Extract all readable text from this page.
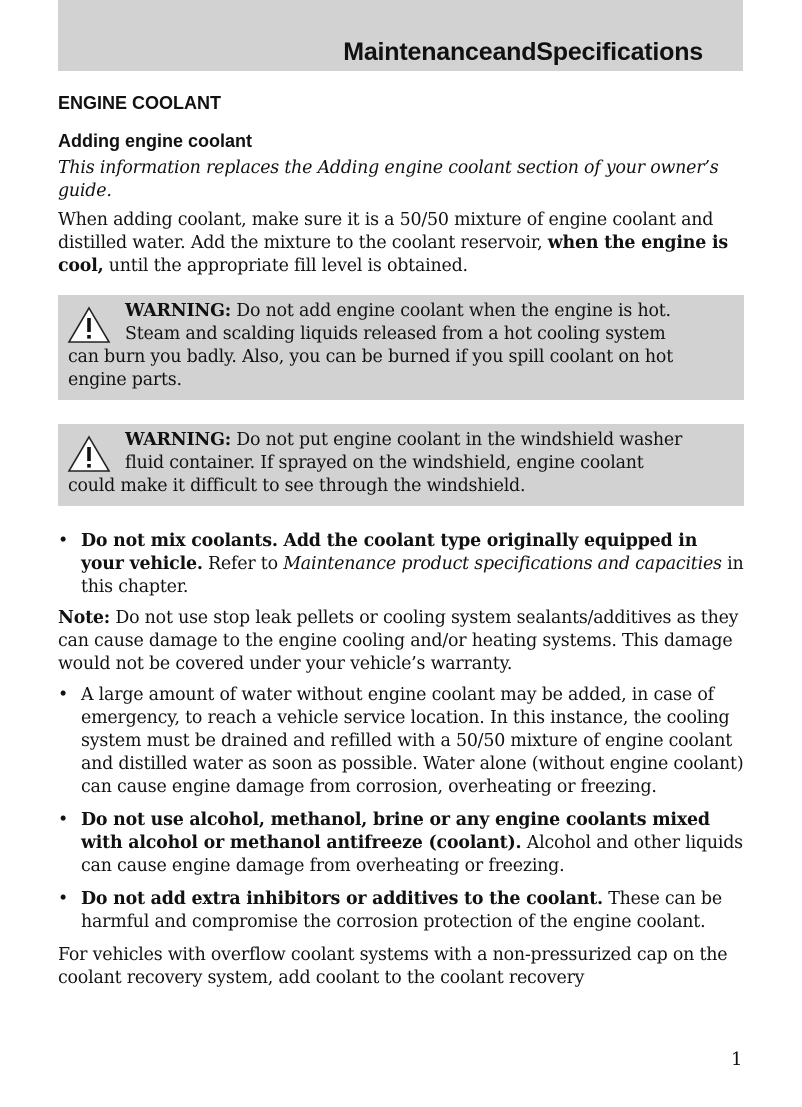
MaintenanceandSpecifications
ENGINE COOLANT
Adding engine coolant

This information replaces the Adding engine coolant section of your owner’s guide.

When adding coolant, make sure it is a 50/50 mixture of engine coolant and distilled water. Add the mixture to the coolant reservoir, when the engine is cool, until the appropriate fill level is obtained.

WARNING: Do not add engine coolant when the engine is hot.
Steam and scalding liquids released from a hot cooling system
can burn you badly. Also, you can be burned if you spill coolant on hot engine parts.
WARNING: Do not put engine coolant in the windshield washer
fluid container. If sprayed on the windshield, engine coolant
could make it difficult to see through the windshield.
• Do not mix coolants. Add the coolant type originally equipped in your vehicle. Refer to Maintenance product specifications and capacities in this chapter.

Note: Do not use stop leak pellets or cooling system sealants/additives as they can cause damage to the engine cooling and/or heating systems. This damage would not be covered under your vehicle’s warranty.

• A large amount of water without engine coolant may be added, in case of emergency, to reach a vehicle service location. In this instance, the cooling system must be drained and refilled with a 50/50 mixture of engine coolant and distilled water as soon as possible. Water alone (without engine coolant) can cause engine damage from corrosion, overheating or freezing.
• Do not use alcohol, methanol, brine or any engine coolants mixed with alcohol or methanol antifreeze (coolant). Alcohol and other liquids can cause engine damage from overheating or freezing.
• Do not add extra inhibitors or additives to the coolant. These can be harmful and compromise the corrosion protection of the engine coolant.

For vehicles with overflow coolant systems with a non-pressurized cap on the coolant recovery system, add coolant to the coolant recovery

1
